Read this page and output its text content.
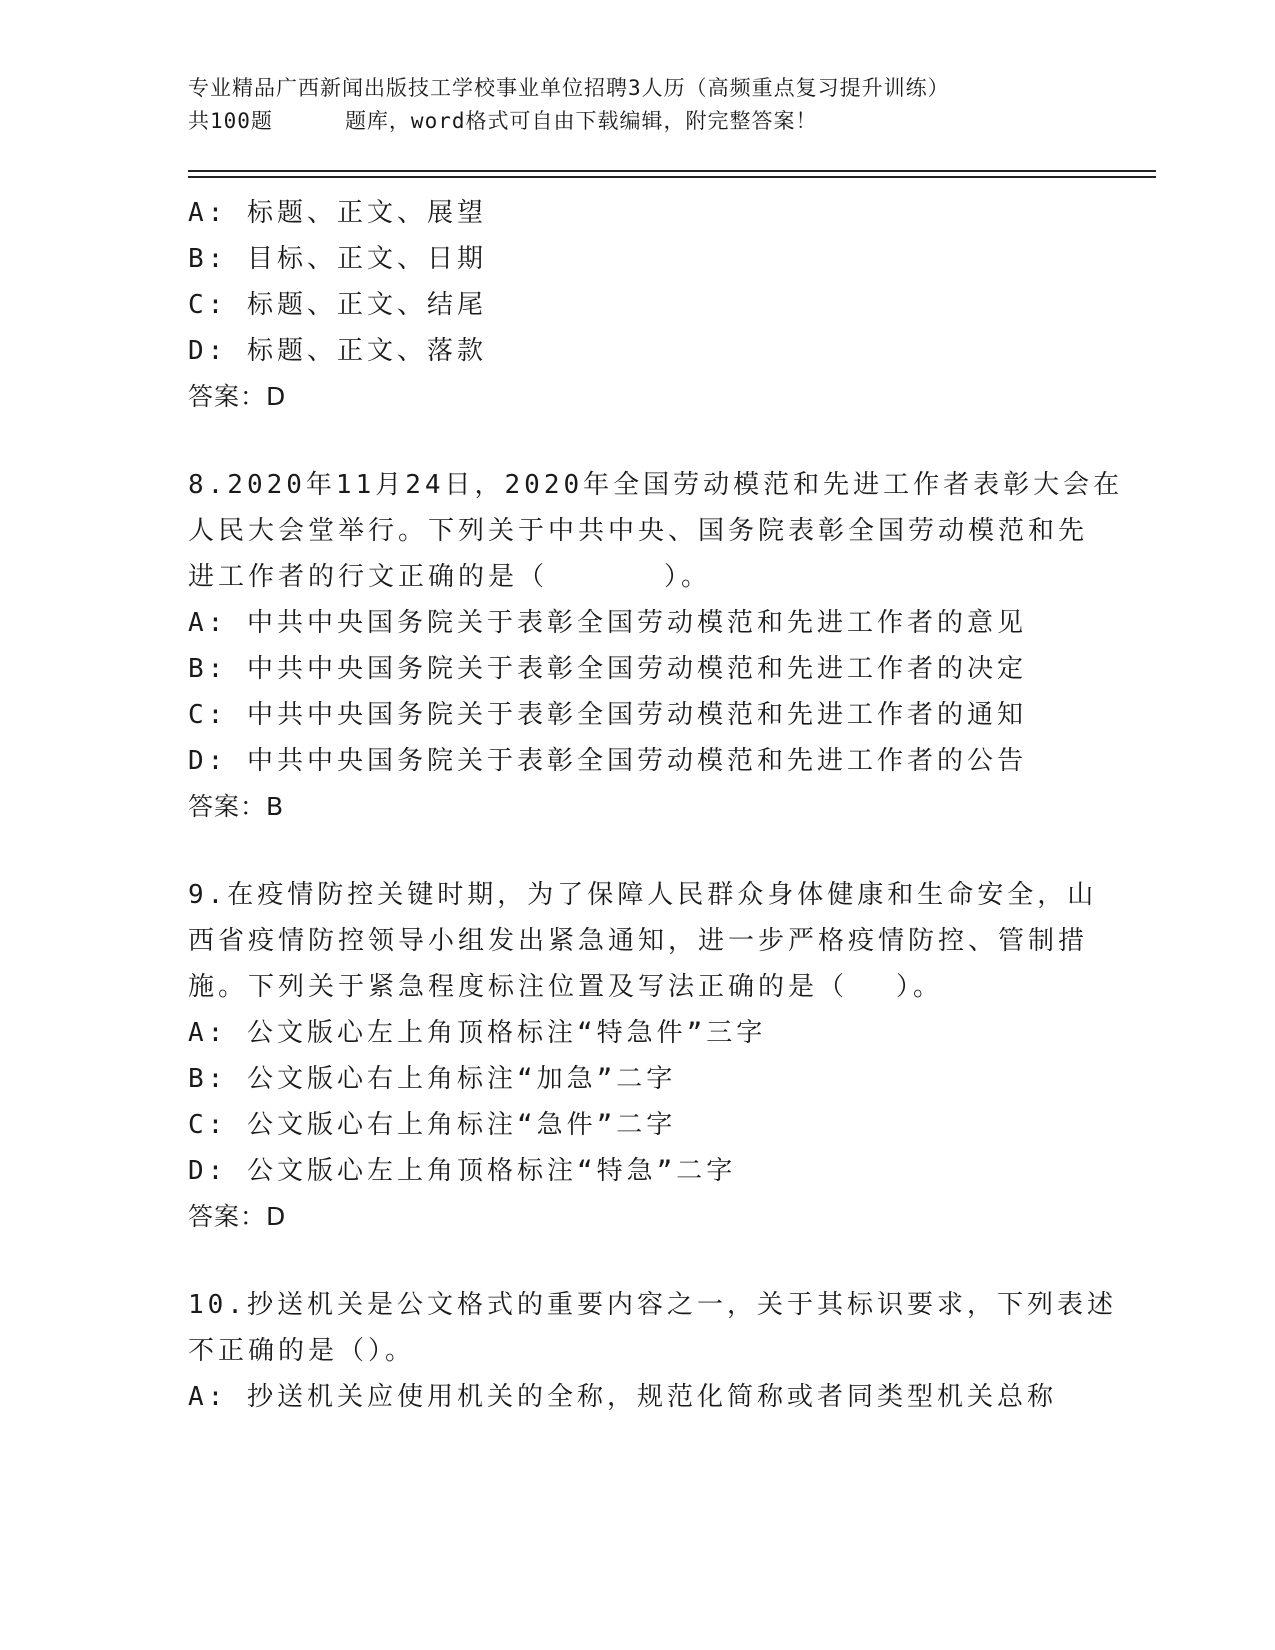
专业精品广西新闻出版技工学校事业单位招聘3人历（高频重点复习提升训练）
共100题	题库，word格式可自由下载编辑，附完整答案！
A: 标题、正文、展望
B: 目标、正文、日期
C: 标题、正文、结尾
D: 标题、正文、落款
答案：D
8.2020年11月24日，2020年全国劳动模范和先进工作者表彰大会在
人民大会堂举行。下列关于中共中央、国务院表彰全国劳动模范和先
进工作者的行文正确的是（	）。
A: 中共中央国务院关于表彰全国劳动模范和先进工作者的意见
B: 中共中央国务院关于表彰全国劳动模范和先进工作者的决定
C: 中共中央国务院关于表彰全国劳动模范和先进工作者的通知
D: 中共中央国务院关于表彰全国劳动模范和先进工作者的公告
答案：B
9.在疫情防控关键时期，为了保障人民群众身体健康和生命安全，山
西省疫情防控领导小组发出紧急通知，进一步严格疫情防控、管制措
施。下列关于紧急程度标注位置及写法正确的是（ ）。
A: 公文版心左上角顶格标注“特急件”三字
B: 公文版心右上角标注“加急”二字
C: 公文版心右上角标注“急件”二字
D: 公文版心左上角顶格标注“特急”二字
答案：D
10.抄送机关是公文格式的重要内容之一，关于其标识要求，下列表述
不正确的是（）。
A: 抄送机关应使用机关的全称，规范化简称或者同类型机关总称
